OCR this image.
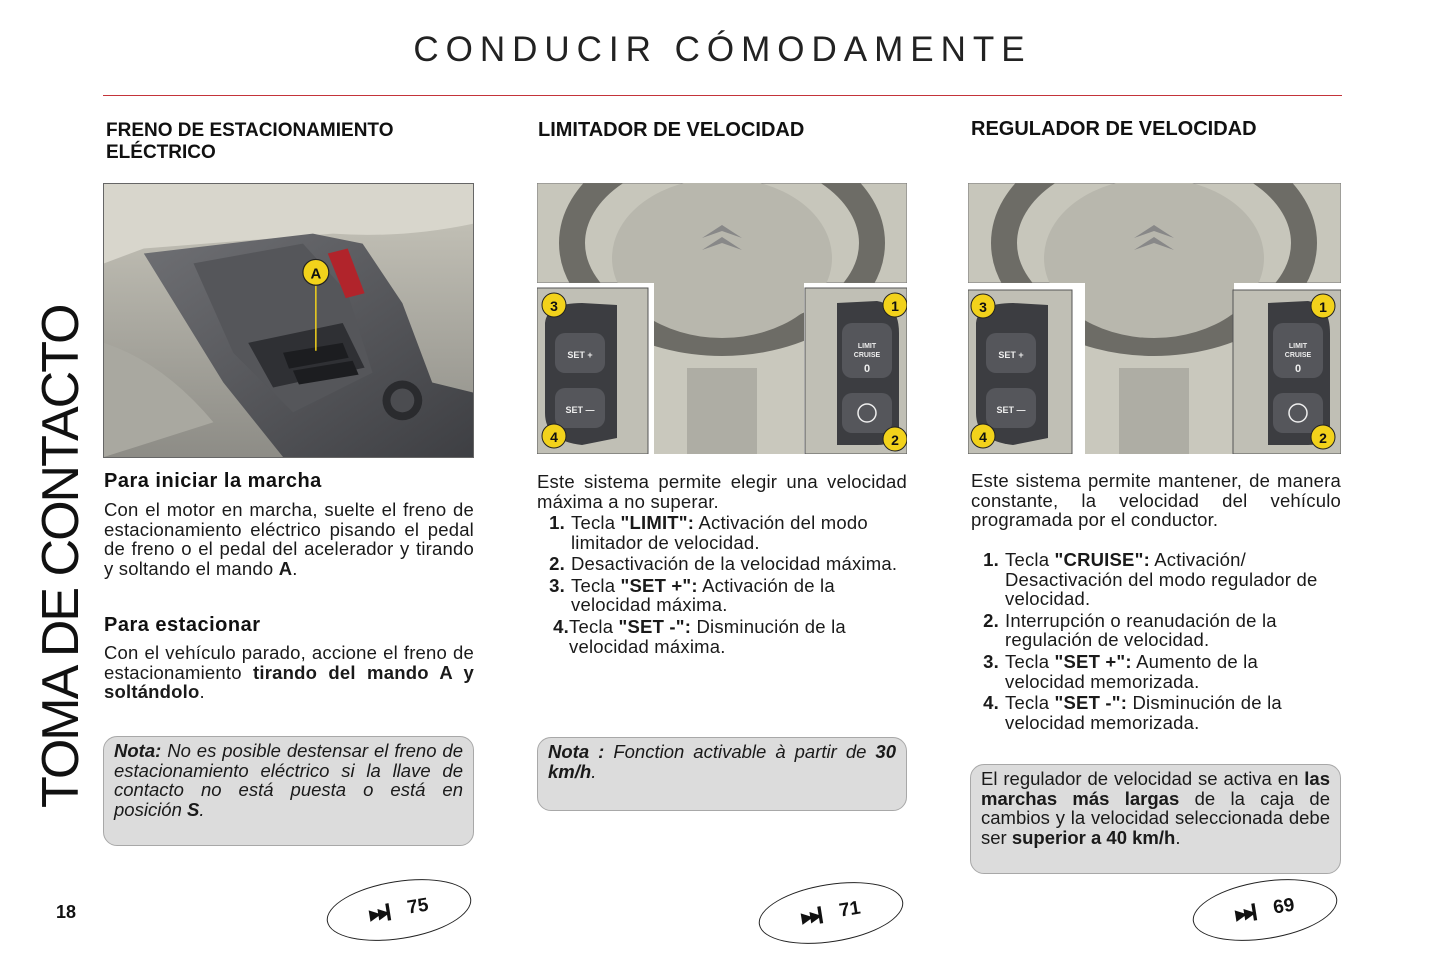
CONDUCIR CÓMODAMENTE
TOMA DE CONTACTO
FRENO DE ESTACIONAMIENTO
ELÉCTRICO
A
Para iniciar la marcha
Con el motor en marcha, suelte el freno de estacionamiento eléctrico pisando el pedal de freno o el pedal del acelerador y tirando y soltando el mando A.
Para estacionar
Con el vehículo parado, accione el freno de estacionamiento tirando del mando A y soltándolo.
Nota: No es posible destensar el freno de estacionamiento eléctrico si la llave de contacto no está puesta o está en posición S.
18	▶▶▎ 75
LIMITADOR DE VELOCIDAD
SET +
SET —
3
4
LIMIT
CRUISE
0
1
2
Este sistema permite elegir una velocidad máxima a no superar.
1. Tecla "LIMIT": Activación del modo limitador de velocidad.
2. Desactivación de la velocidad máxima.
3. Tecla "SET +": Activación de la velocidad máxima.
4. Tecla "SET -": Disminución de la velocidad máxima.
Nota : Fonction activable à partir de 30 km/h.
▶▶▎ 71
REGULADOR DE VELOCIDAD
SET +
SET —
3
4
LIMIT
CRUISE
0
1
2
Este sistema permite mantener, de manera constante, la velocidad del vehículo programada por el conductor.
1. Tecla "CRUISE": Activación/ Desactivación del modo regulador de velocidad.
2. Interrupción o reanudación de la regulación de velocidad.
3. Tecla "SET +": Aumento de la velocidad memorizada.
4. Tecla "SET -": Disminución de la velocidad memorizada.
El regulador de velocidad se activa en las marchas más largas de la caja de cambios y la velocidad seleccionada debe ser superior a 40 km/h.
▶▶▎ 69
